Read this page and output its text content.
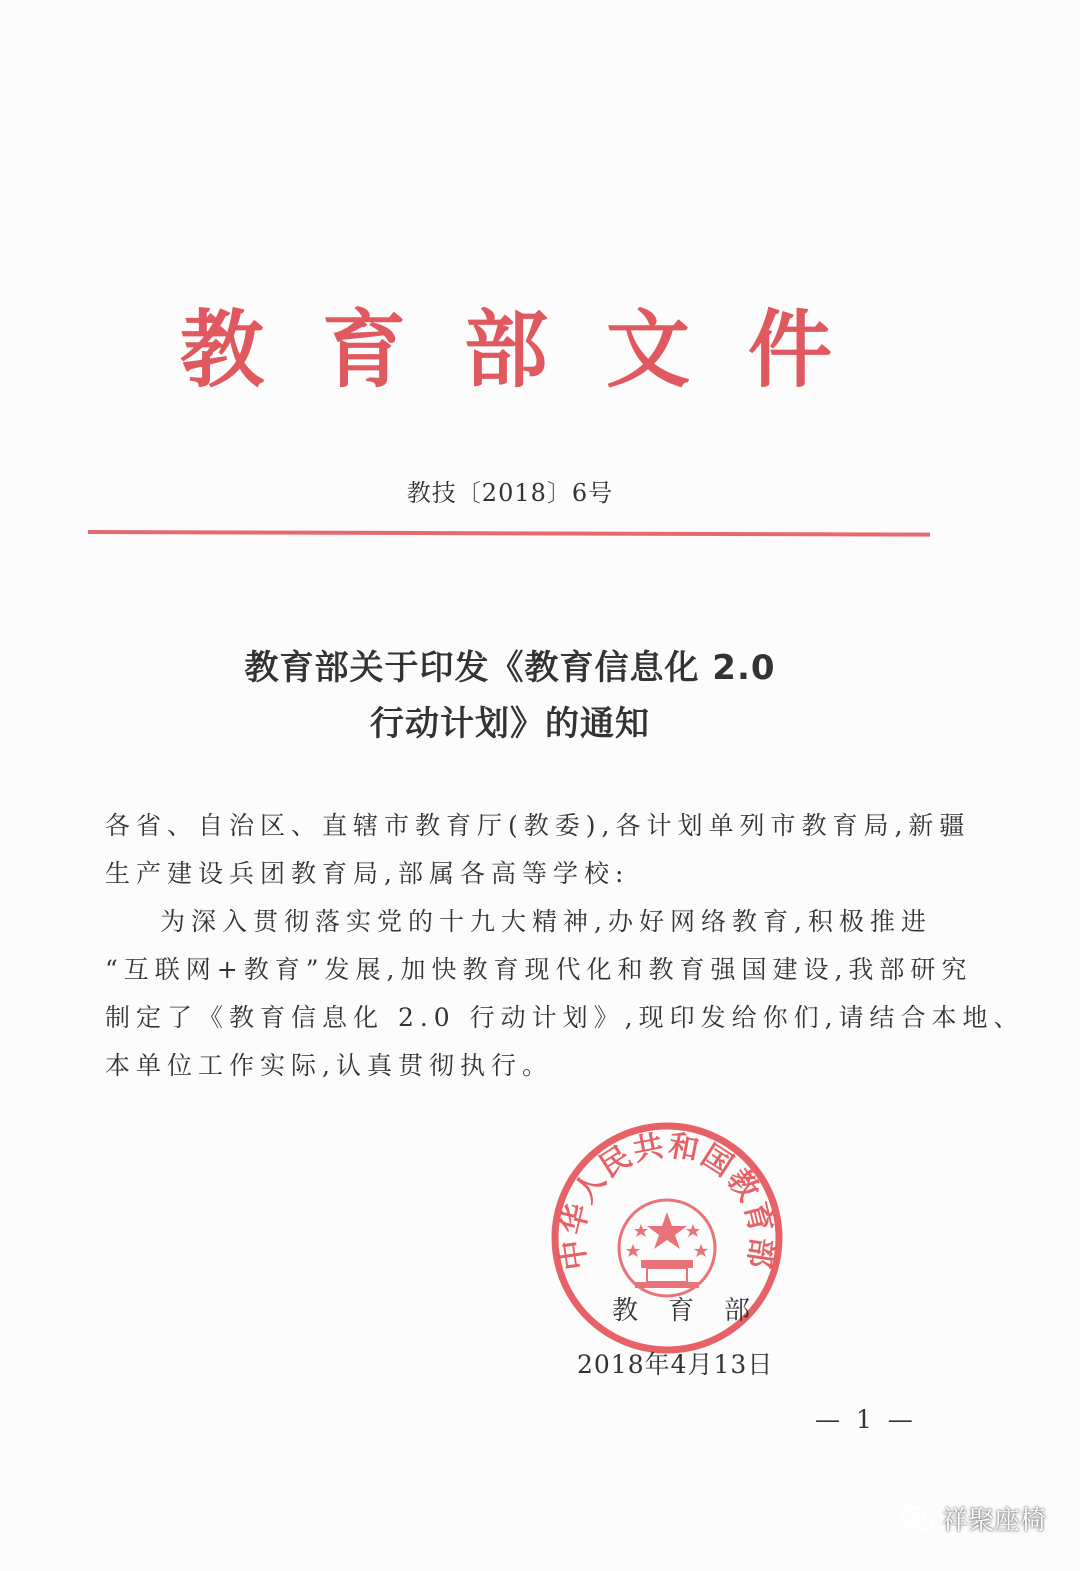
教育部文件
教技〔2018〕6号
教育部关于印发《教育信息化 2.0
行动计划》的通知
各省、自治区、直辖市教育厅(教委),各计划单列市教育局,新疆
生产建设兵团教育局,部属各高等学校:
为深入贯彻落实党的十九大精神,办好网络教育,积极推进
“互联网+教育”发展,加快教育现代化和教育强国建设,我部研究
制定了《教育信息化 2.0 行动计划》,现印发给你们,请结合本地、
本单位工作实际,认真贯彻执行。
中华人民共和国教育部
教育部
2018年4月13日
— 1 —
祥聚座椅
